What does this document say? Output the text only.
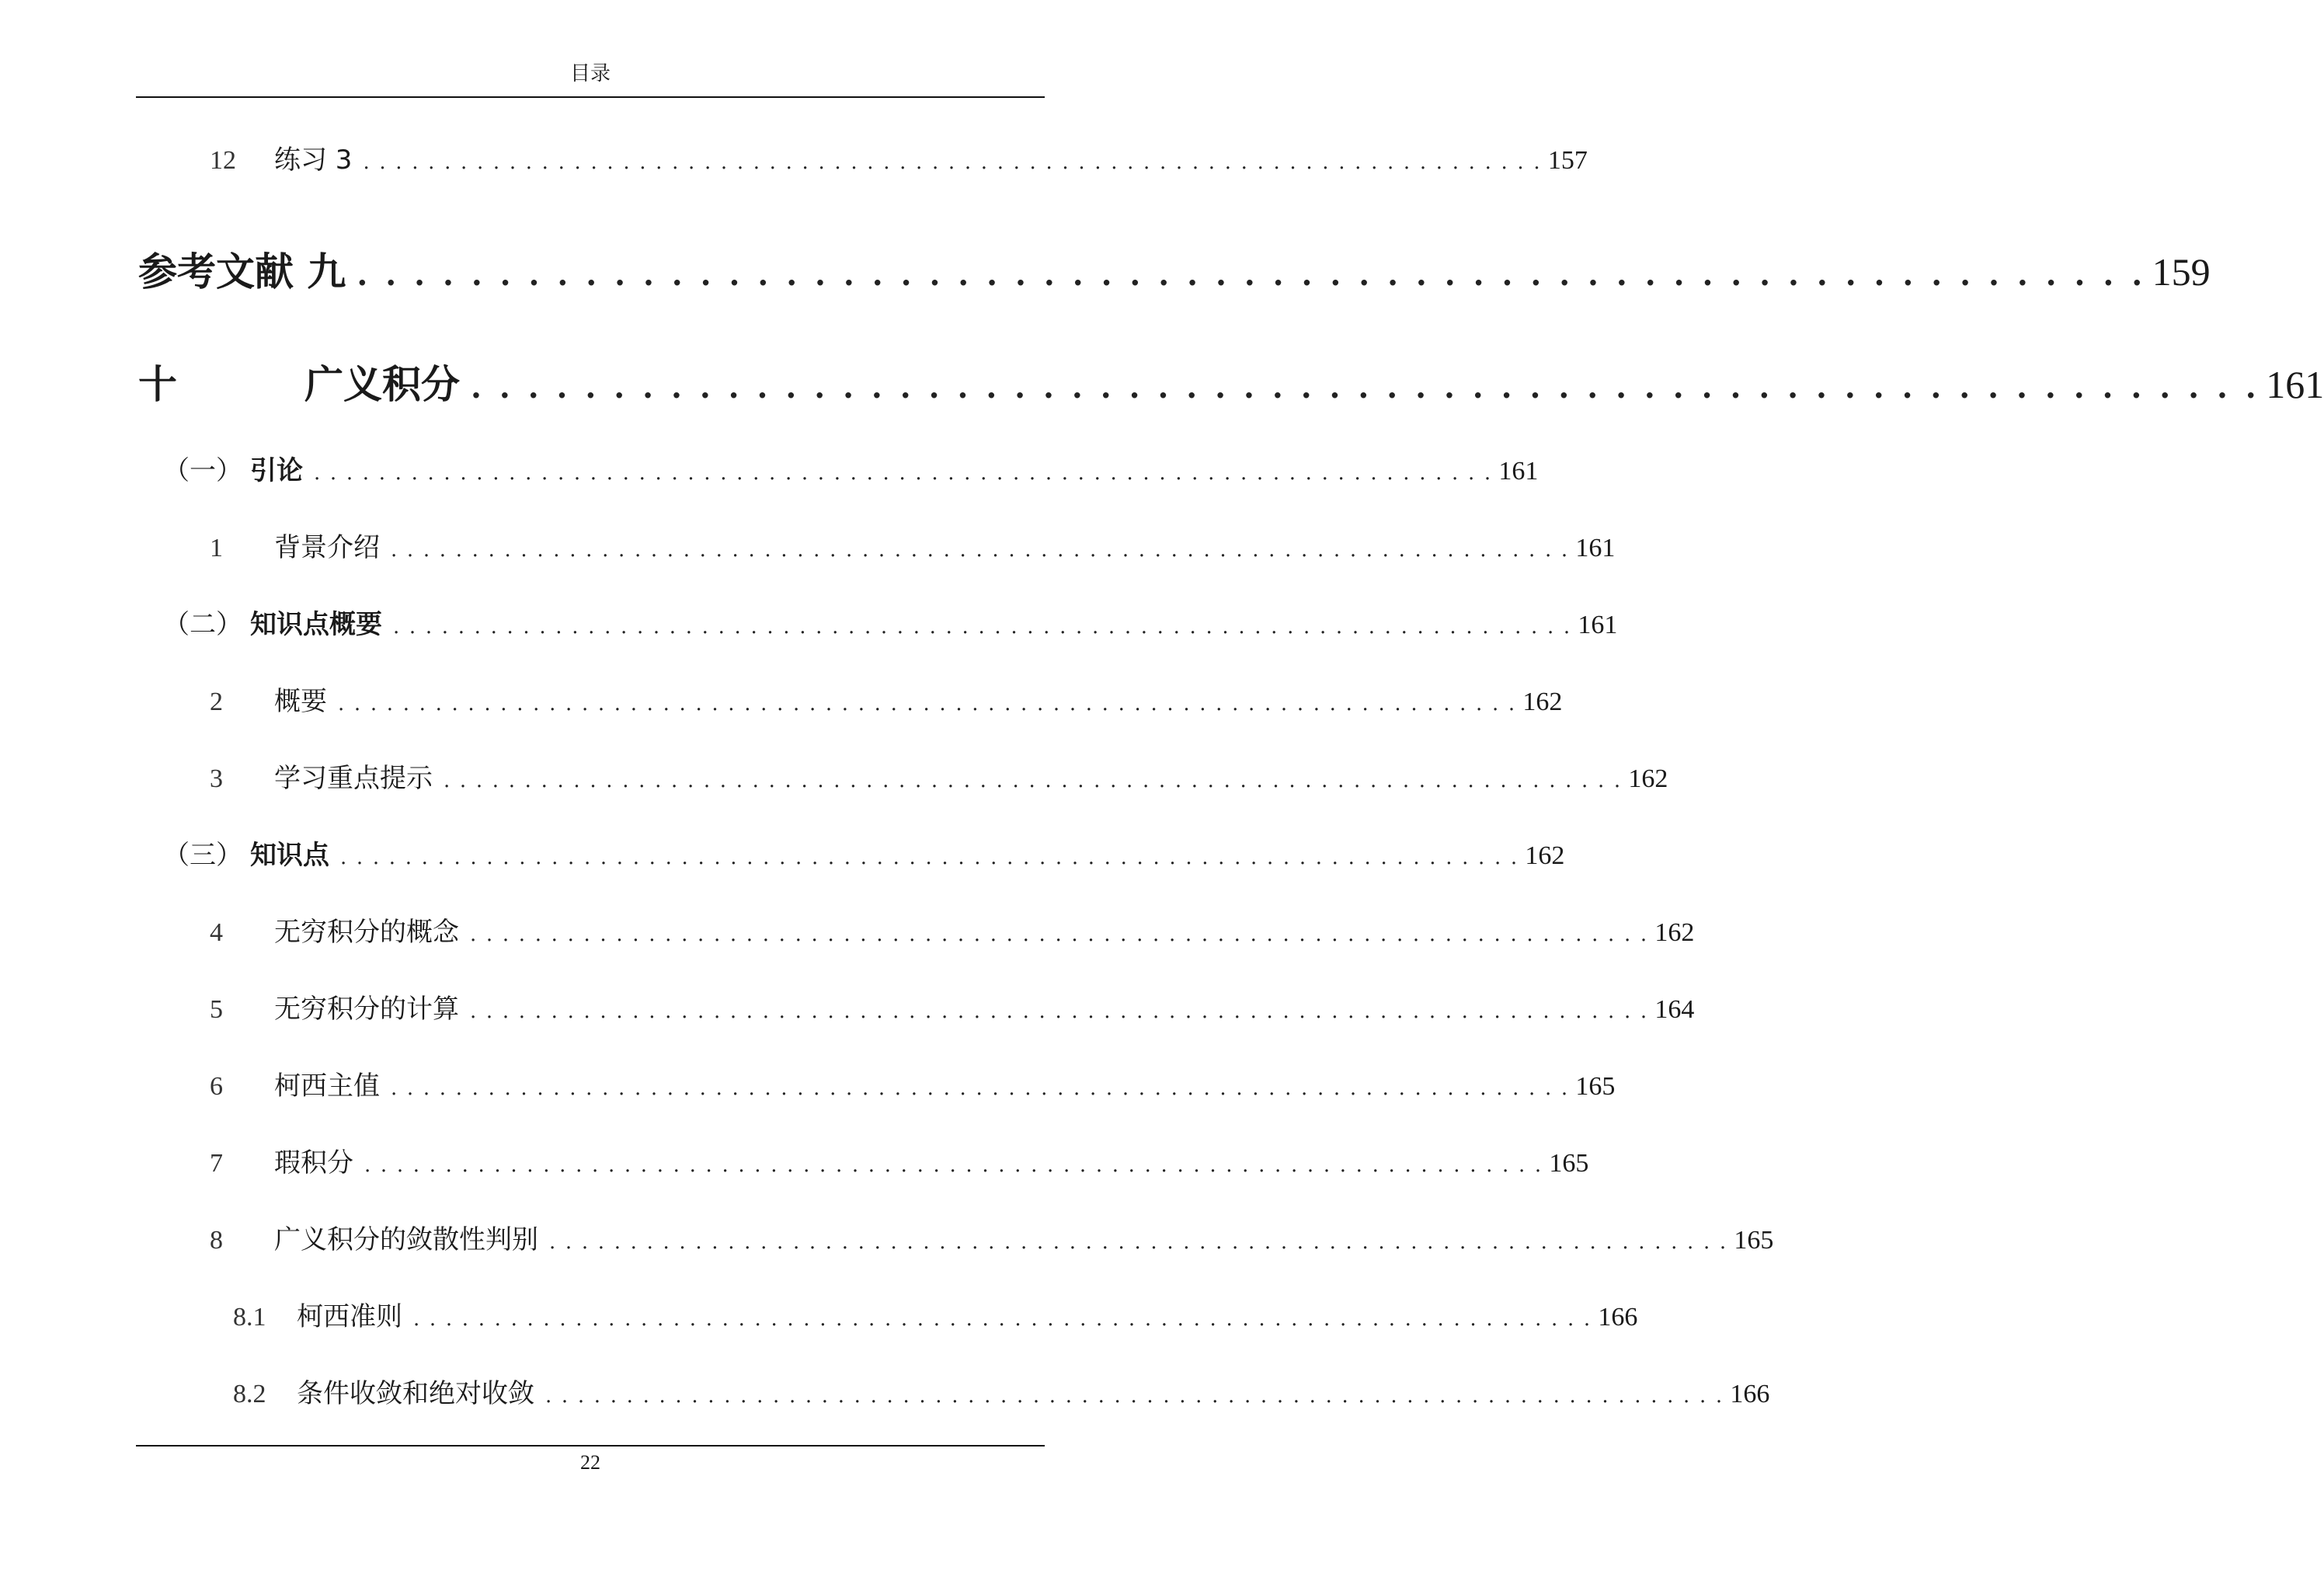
目录
12	练习 3 . . . . . . . . . . . . . . . . . . . . . . . . . . . . . . . . . . . . . . . . . . . . . . . . . . . . . . . . . . . . . . . . . . . . . . . . . 157
参考文献 九 . . . . . . . . . . . . . . . . . . . . . . . . . . . . . . . . . . . . . . . . . . . . . . . . . . . . . . . . . . . . . . . 159
十	广义积分 . . . . . . . . . . . . . . . . . . . . . . . . . . . . . . . . . . . . . . . . . . . . . . . . . . . . . . . . . . . . . . . 161
（一） 引论 . . . . . . . . . . . . . . . . . . . . . . . . . . . . . . . . . . . . . . . . . . . . . . . . . . . . . . . . . . . . . . . . . . . . . . . . . 161
1	背景介绍 . . . . . . . . . . . . . . . . . . . . . . . . . . . . . . . . . . . . . . . . . . . . . . . . . . . . . . . . . . . . . . . . . . . . . . . . . 161
（二） 知识点概要 . . . . . . . . . . . . . . . . . . . . . . . . . . . . . . . . . . . . . . . . . . . . . . . . . . . . . . . . . . . . . . . . . . . . . . . . . 161
2	概要 . . . . . . . . . . . . . . . . . . . . . . . . . . . . . . . . . . . . . . . . . . . . . . . . . . . . . . . . . . . . . . . . . . . . . . . . . 162
3	学习重点提示 . . . . . . . . . . . . . . . . . . . . . . . . . . . . . . . . . . . . . . . . . . . . . . . . . . . . . . . . . . . . . . . . . . . . . . . . . 162
（三） 知识点 . . . . . . . . . . . . . . . . . . . . . . . . . . . . . . . . . . . . . . . . . . . . . . . . . . . . . . . . . . . . . . . . . . . . . . . . . 162
4	无穷积分的概念 . . . . . . . . . . . . . . . . . . . . . . . . . . . . . . . . . . . . . . . . . . . . . . . . . . . . . . . . . . . . . . . . . . . . . . . . . 162
5	无穷积分的计算 . . . . . . . . . . . . . . . . . . . . . . . . . . . . . . . . . . . . . . . . . . . . . . . . . . . . . . . . . . . . . . . . . . . . . . . . . 164
6	柯西主值 . . . . . . . . . . . . . . . . . . . . . . . . . . . . . . . . . . . . . . . . . . . . . . . . . . . . . . . . . . . . . . . . . . . . . . . . . 165
7	瑕积分 . . . . . . . . . . . . . . . . . . . . . . . . . . . . . . . . . . . . . . . . . . . . . . . . . . . . . . . . . . . . . . . . . . . . . . . . . 165
8	广义积分的敛散性判别 . . . . . . . . . . . . . . . . . . . . . . . . . . . . . . . . . . . . . . . . . . . . . . . . . . . . . . . . . . . . . . . . . . . . . . . . . 165
8.1	柯西准则 . . . . . . . . . . . . . . . . . . . . . . . . . . . . . . . . . . . . . . . . . . . . . . . . . . . . . . . . . . . . . . . . . . . . . . . . . 166
8.2	条件收敛和绝对收敛 . . . . . . . . . . . . . . . . . . . . . . . . . . . . . . . . . . . . . . . . . . . . . . . . . . . . . . . . . . . . . . . . . . . . . . . . . 166
22
